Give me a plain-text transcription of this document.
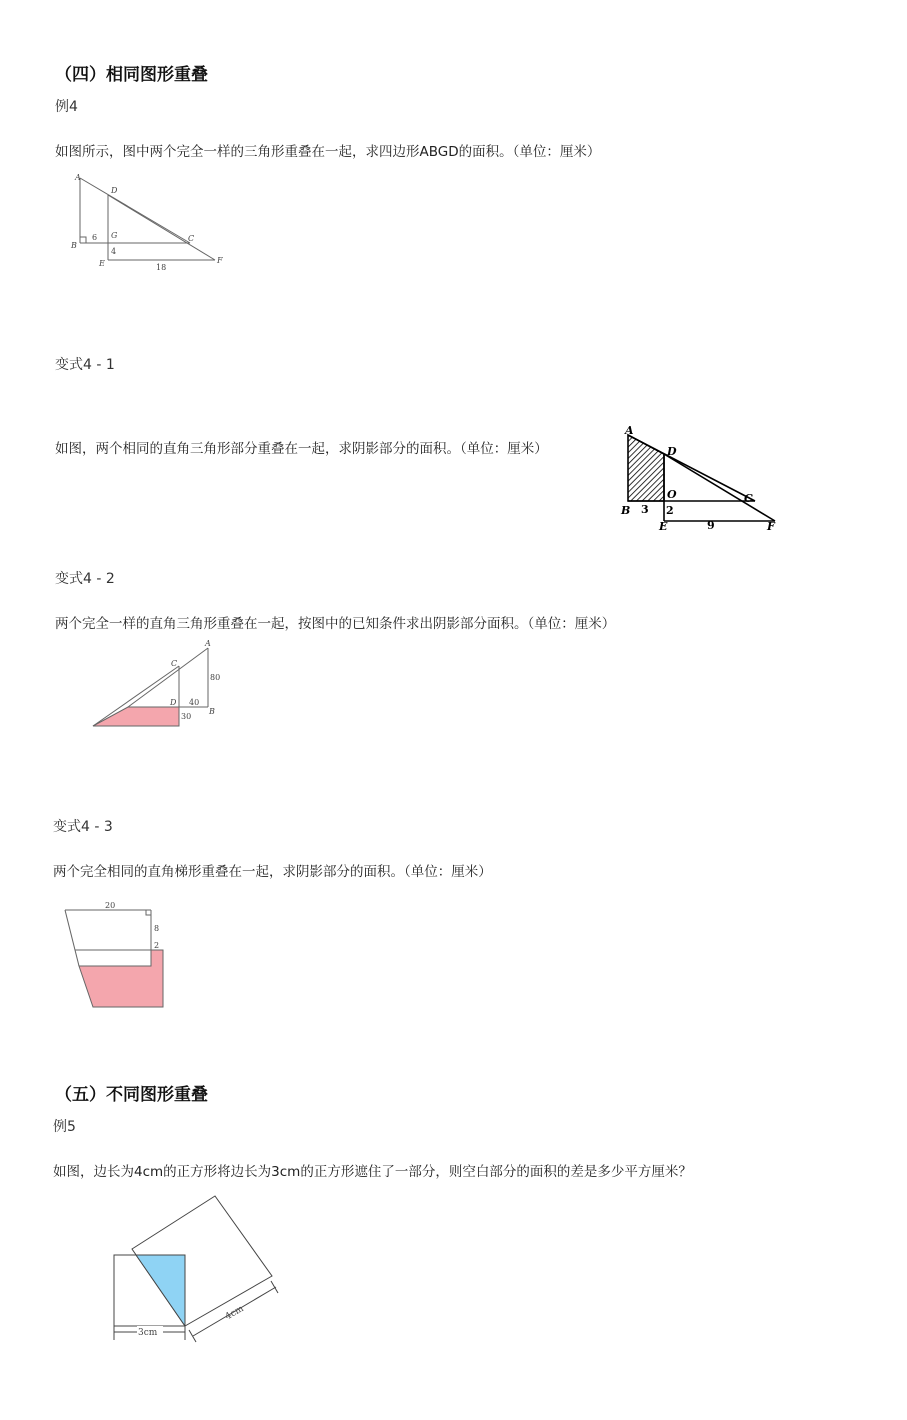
（四）相同图形重叠
例4
如图所示，图中两个完全一样的三角形重叠在一起，求四边形ABGD的面积。（单位：厘米）
A
B
C
D
E	F
G
6
4
18
变式4 - 1
如图，两个相同的直角三角形部分重叠在一起，求阴影部分的面积。（单位：厘米）
A
B
C
D
E	F
O
3 2
9
变式4 - 2
两个完全一样的直角三角形重叠在一起，按图中的已知条件求出阴影部分面积。（单位：厘米）
A
B
C
D
80
40
30
变式4 - 3
两个完全相同的直角梯形重叠在一起，求阴影部分的面积。（单位：厘米）
20
8
2
（五）不同图形重叠
例5
如图，边长为4cm的正方形将边长为3cm的正方形遮住了一部分，则空白部分的面积的差是多少平方厘米？
3cm
4cm
